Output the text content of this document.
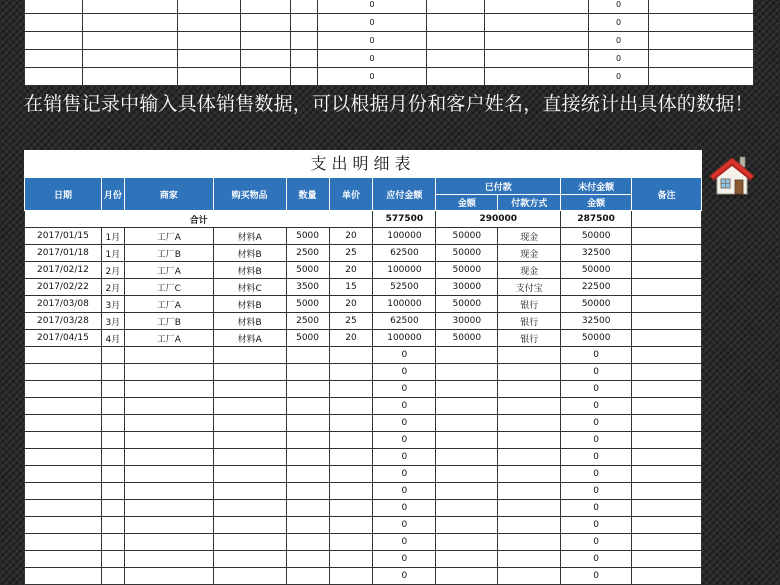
					0			0	
					0			0	
					0			0	
					0			0	
					0			0	

在销售记录中输入具体销售数据，可以根据月份和客户姓名，直接统计出具体的数据！

支出明细表
日期	月份	商家	购买物品	数量	单价	应付金额	已付款		未付金额	备注
							金额	付款方式	金额	
合计						577500	290000		287500	
2017/01/15	1月	工厂A	材料A	5000	20	100000	50000	现金	50000	
2017/01/18	1月	工厂B	材料B	2500	25	62500	50000	现金	32500	
2017/02/12	2月	工厂A	材料B	5000	20	100000	50000	现金	50000	
2017/02/22	2月	工厂C	材料C	3500	15	52500	30000	支付宝	22500	
2017/03/08	3月	工厂A	材料B	5000	20	100000	50000	银行	50000	
2017/03/28	3月	工厂B	材料B	2500	25	62500	30000	银行	32500	
2017/04/15	4月	工厂A	材料A	5000	20	100000	50000	银行	50000	
						0			0	
						0			0	
						0			0	
						0			0	
						0			0	
						0			0	
						0			0	
						0			0	
						0			0	
						0			0	
						0			0	
						0			0	
						0			0	
						0			0	
